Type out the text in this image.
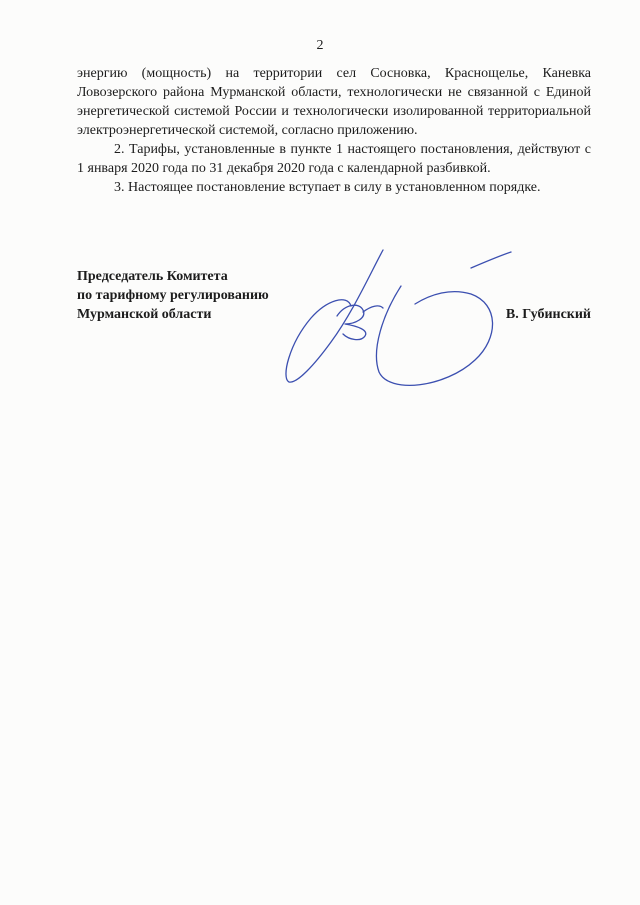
2

энергию (мощность) на территории сел Сосновка, Краснощелье, Каневка Ловозерского района Мурманской области, технологически не связанной с Единой энергетической системой России и технологически изолированной территориальной электроэнергетической системой, согласно приложению.

2. Тарифы, установленные в пункте 1 настоящего постановления, действуют с 1 января 2020 года по 31 декабря 2020 года с календарной разбивкой.

3. Настоящее постановление вступает в силу в установленном порядке.

Председатель Комитета
по тарифному регулированию
Мурманской области	В. Губинский
